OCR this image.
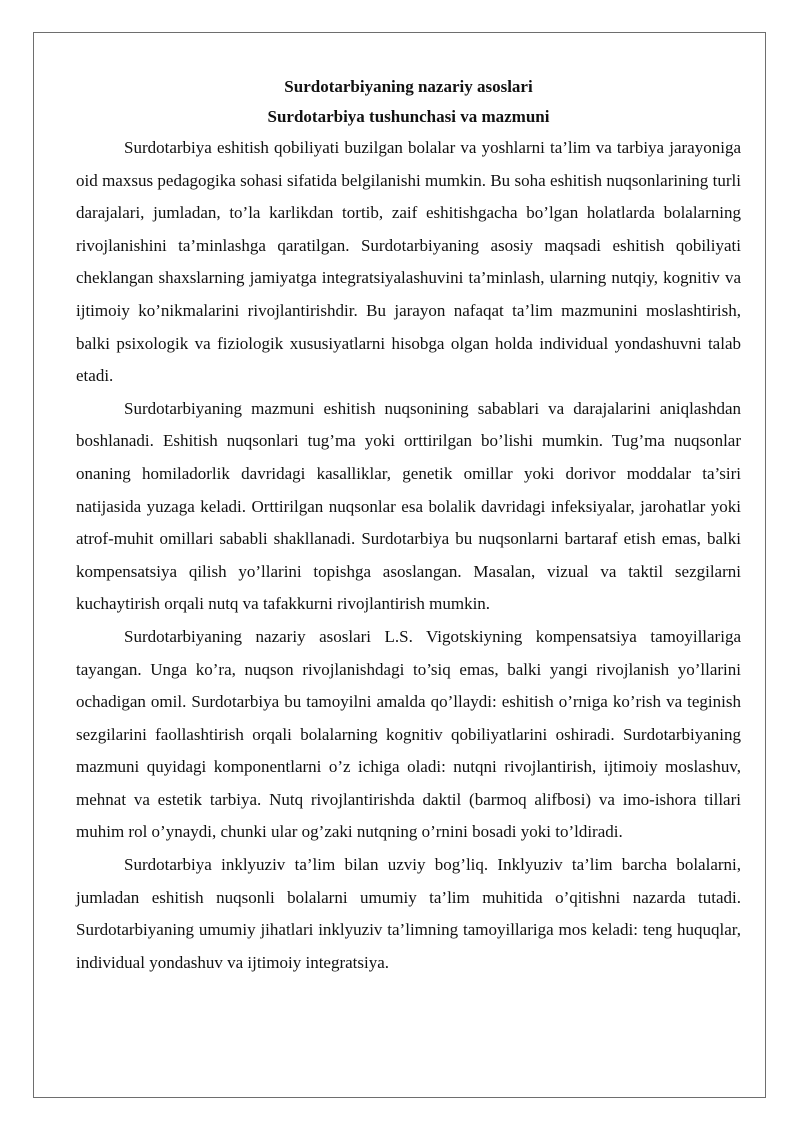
Surdotarbiyaning nazariy asoslari

Surdotarbiya tushunchasi va mazmuni

Surdotarbiya eshitish qobiliyati buzilgan bolalar va yoshlarni ta’lim va tarbiya jarayoniga oid maxsus pedagogika sohasi sifatida belgilanishi mumkin. Bu soha eshitish nuqsonlarining turli darajalari, jumladan, to’la karlikdan tortib, zaif eshitishgacha bo’lgan holatlarda bolalarning rivojlanishini ta’minlashga qaratilgan. Surdotarbiyaning asosiy maqsadi eshitish qobiliyati cheklangan shaxslarning jamiyatga integratsiyalashuvini ta’minlash, ularning nutqiy, kognitiv va ijtimoiy ko’nikmalarini rivojlantirishdir. Bu jarayon nafaqat ta’lim mazmunini moslashtirish, balki psixologik va fiziologik xususiyatlarni hisobga olgan holda individual yondashuvni talab etadi.

Surdotarbiyaning mazmuni eshitish nuqsonining sabablari va darajalarini aniqlashdan boshlanadi. Eshitish nuqsonlari tug’ma yoki orttirilgan bo’lishi mumkin. Tug’ma nuqsonlar onaning homiladorlik davridagi kasalliklar, genetik omillar yoki dorivor moddalar ta’siri natijasida yuzaga keladi. Orttirilgan nuqsonlar esa bolalik davridagi infeksiyalar, jarohatlar yoki atrof-muhit omillari sababli shakllanadi. Surdotarbiya bu nuqsonlarni bartaraf etish emas, balki kompensatsiya qilish yo’llarini topishga asoslangan. Masalan, vizual va taktil sezgilarni kuchaytirish orqali nutq va tafakkurni rivojlantirish mumkin.

Surdotarbiyaning nazariy asoslari L.S. Vigotskiyning kompensatsiya tamoyillariga tayangan. Unga ko’ra, nuqson rivojlanishdagi to’siq emas, balki yangi rivojlanish yo’llarini ochadigan omil. Surdotarbiya bu tamoyilni amalda qo’llaydi: eshitish o’rniga ko’rish va teginish sezgilarini faollashtirish orqali bolalarning kognitiv qobiliyatlarini oshiradi. Surdotarbiyaning mazmuni quyidagi komponentlarni o’z ichiga oladi: nutqni rivojlantirish, ijtimoiy moslashuv, mehnat va estetik tarbiya. Nutq rivojlantirishda daktil (barmoq alifbosi) va imo-ishora tillari muhim rol o’ynaydi, chunki ular og’zaki nutqning o’rnini bosadi yoki to’ldiradi.

Surdotarbiya inklyuziv ta’lim bilan uzviy bog’liq. Inklyuziv ta’lim barcha bolalarni, jumladan eshitish nuqsonli bolalarni umumiy ta’lim muhitida o’qitishni nazarda tutadi. Surdotarbiyaning umumiy jihatlari inklyuziv ta’limning tamoyillariga mos keladi: teng huquqlar, individual yondashuv va ijtimoiy integratsiya.
